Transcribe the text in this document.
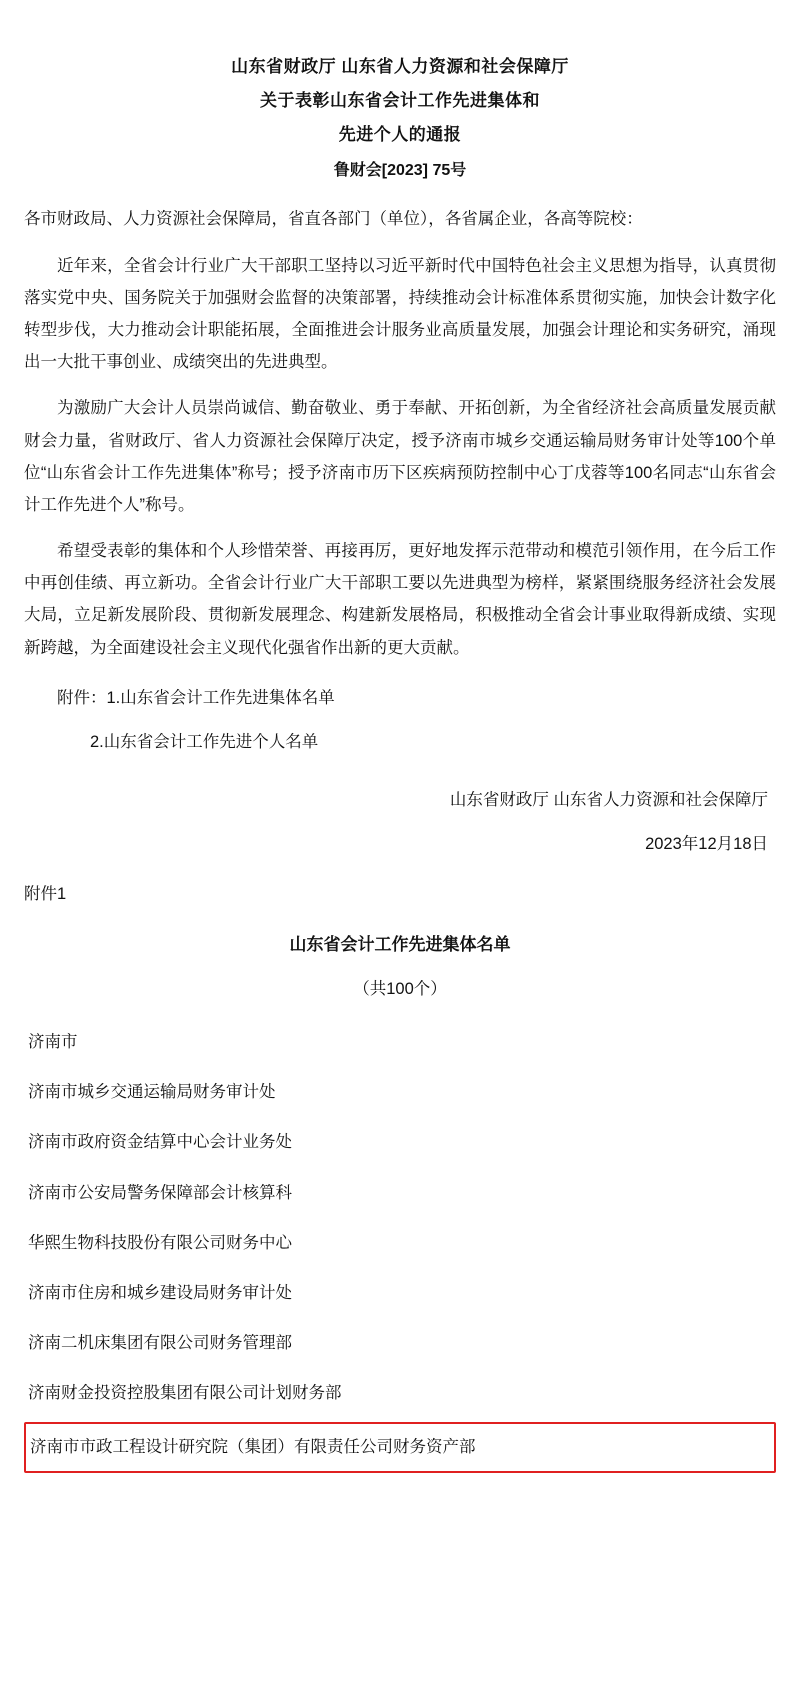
山东省财政厅 山东省人力资源和社会保障厅
关于表彰山东省会计工作先进集体和
先进个人的通报
鲁财会[2023] 75号
各市财政局、人力资源社会保障局，省直各部门（单位），各省属企业，各高等院校：
近年来，全省会计行业广大干部职工坚持以习近平新时代中国特色社会主义思想为指导，认真贯彻落实党中央、国务院关于加强财会监督的决策部署，持续推动会计标准体系贯彻实施，加快会计数字化转型步伐，大力推动会计职能拓展，全面推进会计服务业高质量发展，加强会计理论和实务研究，涌现出一大批干事创业、成绩突出的先进典型。
为激励广大会计人员崇尚诚信、勤奋敬业、勇于奉献、开拓创新，为全省经济社会高质量发展贡献财会力量，省财政厅、省人力资源社会保障厅决定，授予济南市城乡交通运输局财务审计处等100个单位“山东省会计工作先进集体”称号；授予济南市历下区疾病预防控制中心丁戊蓉等100名同志“山东省会计工作先进个人”称号。
希望受表彰的集体和个人珍惜荣誉、再接再厉，更好地发挥示范带动和模范引领作用，在今后工作中再创佳绩、再立新功。全省会计行业广大干部职工要以先进典型为榜样，紧紧围绕服务经济社会发展大局，立足新发展阶段、贯彻新发展理念、构建新发展格局，积极推动全省会计事业取得新成绩、实现新跨越，为全面建设社会主义现代化强省作出新的更大贡献。
附件：1.山东省会计工作先进集体名单
2.山东省会计工作先进个人名单
山东省财政厅 山东省人力资源和社会保障厅
2023年12月18日
附件1
山东省会计工作先进集体名单
（共100个）
济南市
济南市城乡交通运输局财务审计处
济南市政府资金结算中心会计业务处
济南市公安局警务保障部会计核算科
华熙生物科技股份有限公司财务中心
济南市住房和城乡建设局财务审计处
济南二机床集团有限公司财务管理部
济南财金投资控股集团有限公司计划财务部
济南市市政工程设计研究院（集团）有限责任公司财务资产部
